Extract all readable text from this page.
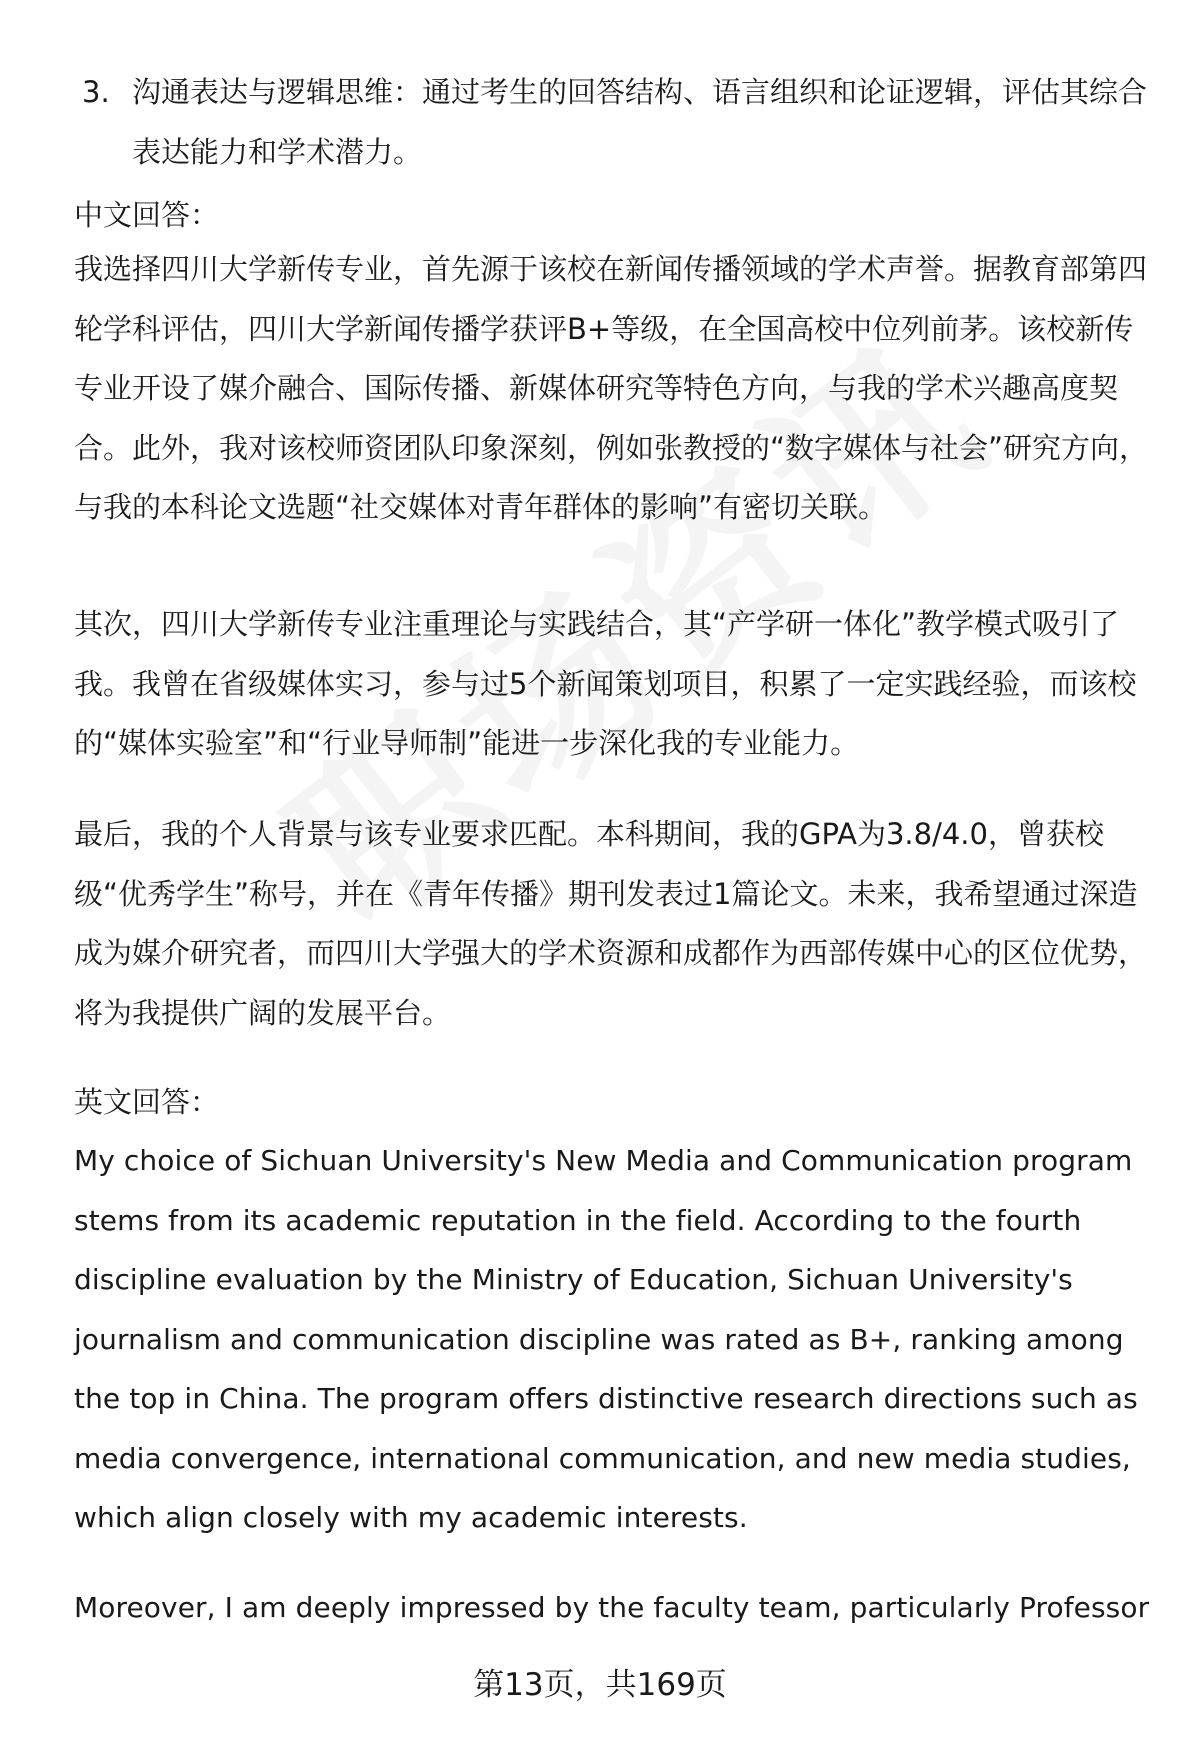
3. 沟通表达与逻辑思维：通过考生的回答结构、语言组织和论证逻辑，评估其综合表达能力和学术潜力。
中文回答：
我选择四川大学新传专业，首先源于该校在新闻传播领域的学术声誉。据教育部第四轮学科评估，四川大学新闻传播学获评B+等级，在全国高校中位列前茅。该校新传专业开设了媒介融合、国际传播、新媒体研究等特色方向，与我的学术兴趣高度契合。此外，我对该校师资团队印象深刻，例如张教授的“数字媒体与社会”研究方向，与我的本科论文选题“社交媒体对青年群体的影响”有密切关联。
其次，四川大学新传专业注重理论与实践结合，其“产学研一体化”教学模式吸引了我。我曾在省级媒体实习，参与过5个新闻策划项目，积累了一定实践经验，而该校的“媒体实验室”和“行业导师制”能进一步深化我的专业能力。
最后，我的个人背景与该专业要求匹配。本科期间，我的GPA为3.8/4.0，曾获校级“优秀学生”称号，并在《青年传播》期刊发表过1篇论文。未来，我希望通过深造成为媒介研究者，而四川大学强大的学术资源和成都作为西部传媒中心的区位优势，将为我提供广阔的发展平台。
英文回答：
My choice of Sichuan University's New Media and Communication program stems from its academic reputation in the field. According to the fourth discipline evaluation by the Ministry of Education, Sichuan University's journalism and communication discipline was rated as B+, ranking among the top in China. The program offers distinctive research directions such as media convergence, international communication, and new media studies, which align closely with my academic interests.
Moreover, I am deeply impressed by the faculty team, particularly Professor
第13页，共169页
